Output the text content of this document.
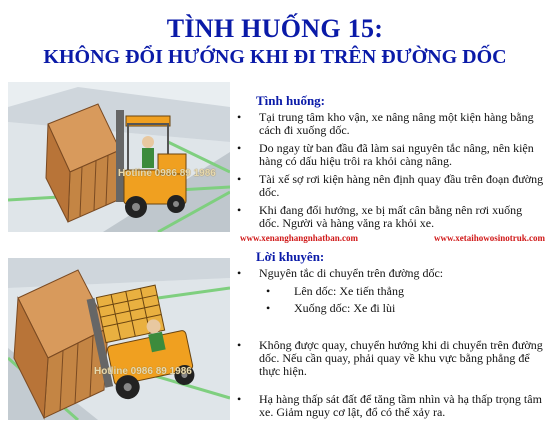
TÌNH HUỐNG 15:
KHÔNG ĐỔI HƯỚNG KHI ĐI TRÊN ĐƯỜNG DỐC
Hotline 0986 89 1986
Hotline 0986 89 1986
Tình huống:
•	Tại trung tâm kho vận, xe nâng nâng một kiện hàng bằng cách đi xuống dốc.
•	Do ngay từ ban đầu đã làm sai nguyên tắc nâng, nên kiện hàng có dấu hiệu trôi ra khỏi càng nâng.
•	Tài xế sợ rơi kiện hàng nên định quay đầu trên đoạn đường dốc.
•	Khi đang đổi hướng, xe bị mất cân bằng nên rơi xuống dốc. Người và hàng văng ra khỏi xe.
www.xenanghangnhatban.com	www.xetaihowosinotruk.com
Lời khuyên:
•	Nguyên tắc di chuyển trên đường dốc:
•	Lên dốc: Xe tiến thẳng
•	Xuống dốc: Xe đi lùi
•	Không được quay, chuyển hướng khi di chuyển trên đường dốc. Nếu cần quay, phải quay về khu vực bằng phẳng để thực hiện.
•	Hạ hàng thấp sát đất để tăng tầm nhìn và hạ thấp trọng tâm xe. Giảm nguy cơ lật, đổ có thể xảy ra.
